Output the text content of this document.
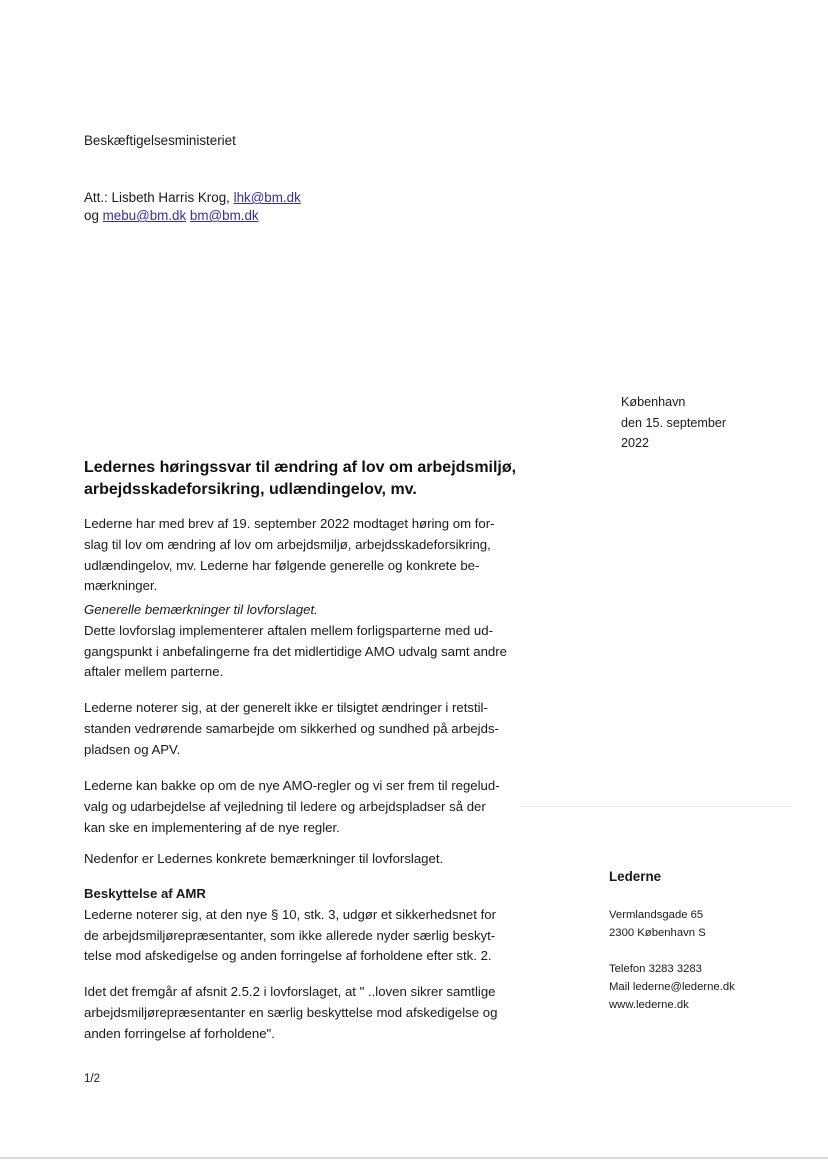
Beskæftigelsesministeriet
Att.: Lisbeth Harris Krog, lhk@bm.dk
og mebu@bm.dk bm@bm.dk
København
den 15. september
2022
Ledernes høringssvar til ændring af lov om arbejdsmiljø,
arbejdsskadeforsikring, udlændingelov, mv.
Lederne har med brev af 19. september 2022 modtaget høring om for-
slag til lov om ændring af lov om arbejdsmiljø, arbejdsskadeforsikring,
udlændingelov, mv. Lederne har følgende generelle og konkrete be-
mærkninger.
Generelle bemærkninger til lovforslaget.
Dette lovforslag implementerer aftalen mellem forligsparterne med ud-
gangspunkt i anbefalingerne fra det midlertidige AMO udvalg samt andre
aftaler mellem parterne.
Lederne noterer sig, at der generelt ikke er tilsigtet ændringer i retstil-
standen vedrørende samarbejde om sikkerhed og sundhed på arbejds-
pladsen og APV.
Lederne kan bakke op om de nye AMO-regler og vi ser frem til regelud-
valg og udarbejdelse af vejledning til ledere og arbejdspladser så der
kan ske en implementering af de nye regler.
Nedenfor er Ledernes konkrete bemærkninger til lovforslaget.
Beskyttelse af AMR
Lederne noterer sig, at den nye § 10, stk. 3, udgør et sikkerhedsnet for
de arbejdsmiljørepræsentanter, som ikke allerede nyder særlig beskyt-
telse mod afskedigelse og anden forringelse af forholdene efter stk. 2.
Idet det fremgår af afsnit 2.5.2 i lovforslaget, at " ..loven sikrer samtlige
arbejdsmiljørepræsentanter en særlig beskyttelse mod afskedigelse og
anden forringelse af forholdene".
Lederne
Vermlandsgade 65
2300 København S
Telefon 3283 3283
Mail lederne@lederne.dk
www.lederne.dk
1/2
